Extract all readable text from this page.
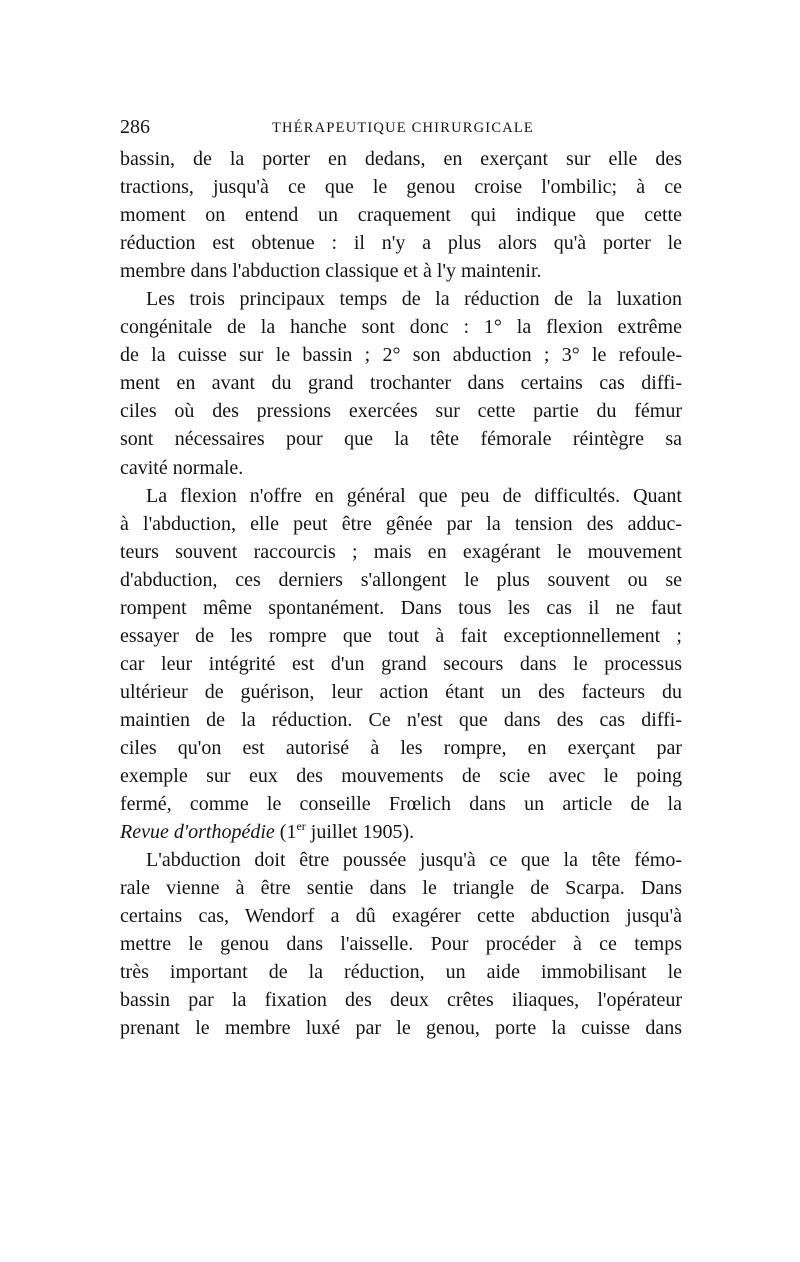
286	THÉRAPEUTIQUE CHIRURGICALE
bassin, de la porter en dedans, en exerçant sur elle des
tractions, jusqu'à ce que le genou croise l'ombilic; à ce
moment on entend un craquement qui indique que cette
réduction est obtenue : il n'y a plus alors qu'à porter le
membre dans l'abduction classique et à l'y maintenir.
Les trois principaux temps de la réduction de la luxation
congénitale de la hanche sont donc : 1° la flexion extrême
de la cuisse sur le bassin ; 2° son abduction ; 3° le refoule-
ment en avant du grand trochanter dans certains cas diffi-
ciles où des pressions exercées sur cette partie du fémur
sont nécessaires pour que la tête fémorale réintègre sa
cavité normale.
La flexion n'offre en général que peu de difficultés. Quant
à l'abduction, elle peut être gênée par la tension des adduc-
teurs souvent raccourcis ; mais en exagérant le mouvement
d'abduction, ces derniers s'allongent le plus souvent ou se
rompent même spontanément. Dans tous les cas il ne faut
essayer de les rompre que tout à fait exceptionnellement ;
car leur intégrité est d'un grand secours dans le processus
ultérieur de guérison, leur action étant un des facteurs du
maintien de la réduction. Ce n'est que dans des cas diffi-
ciles qu'on est autorisé à les rompre, en exerçant par
exemple sur eux des mouvements de scie avec le poing
fermé, comme le conseille Frœlich dans un article de la
Revue d'orthopédie (1er juillet 1905).
L'abduction doit être poussée jusqu'à ce que la tête fémo-
rale vienne à être sentie dans le triangle de Scarpa. Dans
certains cas, Wendorf a dû exagérer cette abduction jusqu'à
mettre le genou dans l'aisselle. Pour procéder à ce temps
très important de la réduction, un aide immobilisant le
bassin par la fixation des deux crêtes iliaques, l'opérateur
prenant le membre luxé par le genou, porte la cuisse dans
